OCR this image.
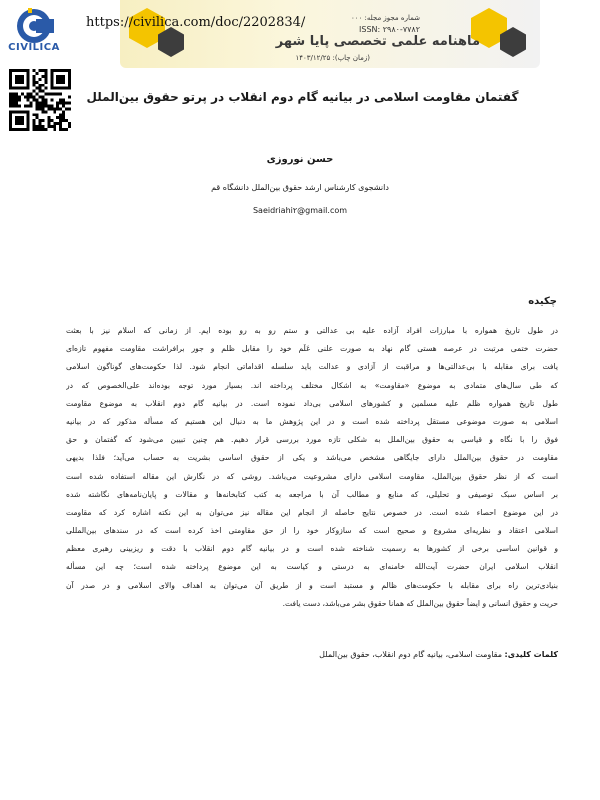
CIVILICA
https://civilica.com/doc/2202834/	شماره مجوز مجله: ۰۰۰
ISSN: ۲۹۸۰-۷۷۸۲
ماهنامه علمی تخصصی پایا شهر
(زمان چاپ): ۱۴۰۳/۱۲/۲۵
گفتمان مقاومت اسلامی در بیانیه گام دوم انقلاب در پرتو حقوق بین‌الملل
حسن نوروزی
دانشجوی کارشناس ارشد حقوق بین‌الملل دانشگاه قم
Saeidriahi۲@gmail.com
چکیده
در طول تاریخ همواره با مبارزات افراد آزاده علیه بی عدالتی و ستم رو به رو بوده ایم. از زمانی که اسلام نیز با بعثت
حضرت ختمی مرتبت در عرصه هستی گام نهاد به صورت علنی عَلَم خود را مقابل ظلم و جور برافراشت مقاومت مفهوم تازه‌ای
یافت برای مقابله با بی‌عدالتی‌ها و مراقبت از آزادی و عدالت باید سلسله اقداماتی انجام شود. لذا حکومت‌های گوناگون اسلامی
که طی سال‌های متمادی به موضوع «مقاومت» به اشکال مختلف پرداخته اند. بسیار مورد توجه بوده‌اند علی‌الخصوص که در
طول تاریخ همواره ظلم علیه مسلمین و کشورهای اسلامی بی‌داد نموده است. در بیانیه گام دوم انقلاب به موضوع مقاومت
اسلامی به صورت موضوعی مستقل پرداخته شده است و در این پژوهش ما به دنبال این هستیم که مسأله مذکور که در بیانیه
فوق را با نگاه و قیاسی به حقوق بین‌الملل به شکلی تازه مورد بررسی قرار دهیم. هم چنین تبیین می‌شود که گفتمان و حق
مقاومت در حقوق بین‌الملل دارای جایگاهی مشخص می‌باشد و یکی از حقوق اساسی بشریت به حساب می‌آید؛ فلذا بدیهی
است که از نظر حقوق بین‌الملل، مقاومت اسلامی دارای مشروعیت می‌باشد. روشی که در نگارش این مقاله استفاده شده است
بر اساس سبک توصیفی و تحلیلی، که منابع و مطالب آن با مراجعه به کتب کتابخانه‌ها و مقالات و پایان‌نامه‌های نگاشته شده
در این موضوع احصاء شده است. در خصوص نتایج حاصله از انجام این مقاله نیز می‌توان به این نکته اشاره کرد که مقاومت
اسلامی اعتقاد و نظریه‌ای مشروع و صحیح است که سازوکار خود را از حق مقاومتی اخذ کرده است که در سندهای بین‌المللی
و قوانین اساسی برخی از کشورها به رسمیت شناخته شده است و در بیانیه گام دوم انقلاب با دقت و ریزبینی رهبری معظم
انقلاب اسلامی ایران حضرت آیت‌الله خامنه‌ای به درستی و کیاست به این موضوع پرداخته شده است؛ چه این مسأله
بنیادی‌ترین راه برای مقابله با حکومت‌های ظالم و مستبد است و از طریق آن می‌توان به اهداف والای اسلامی و در صدر آن
حریت و حقوق انسانی و ایضاً حقوق بین‌الملل که همانا حقوق بشر می‌باشد، دست یافت.
کلمات کلیدی: مقاومت اسلامی، بیانیه گام دوم انقلاب، حقوق بین‌الملل
